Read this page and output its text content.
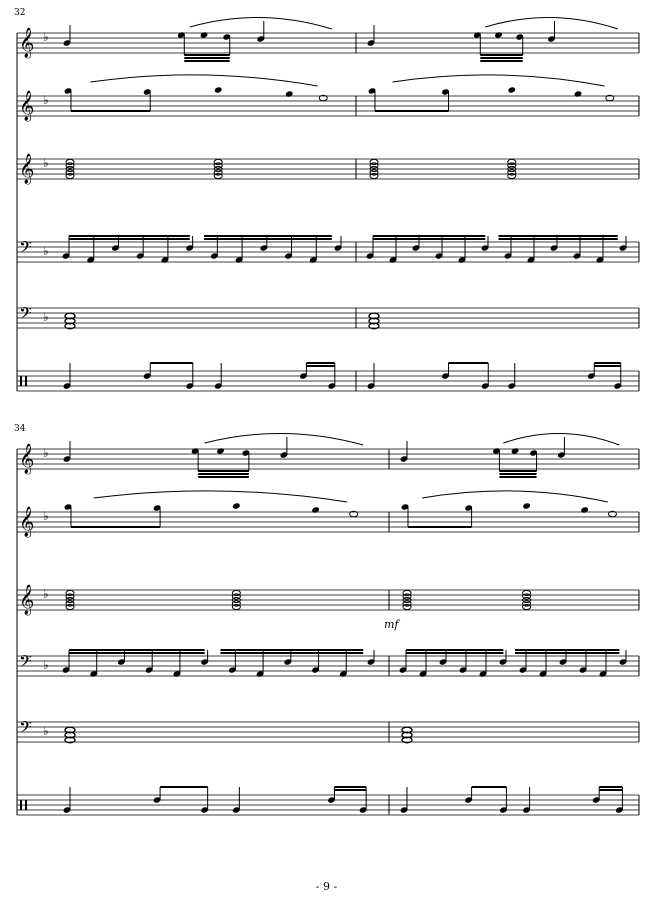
𝄞 ♭
𝄞 ♭
𝄞 ♭
𝄢 ♭
𝄢 ♭
𝄞 ♭
𝄞 ♭
𝄞 ♭
𝄢 ♭
𝄢 ♭
mf
32
34
- 9 -
